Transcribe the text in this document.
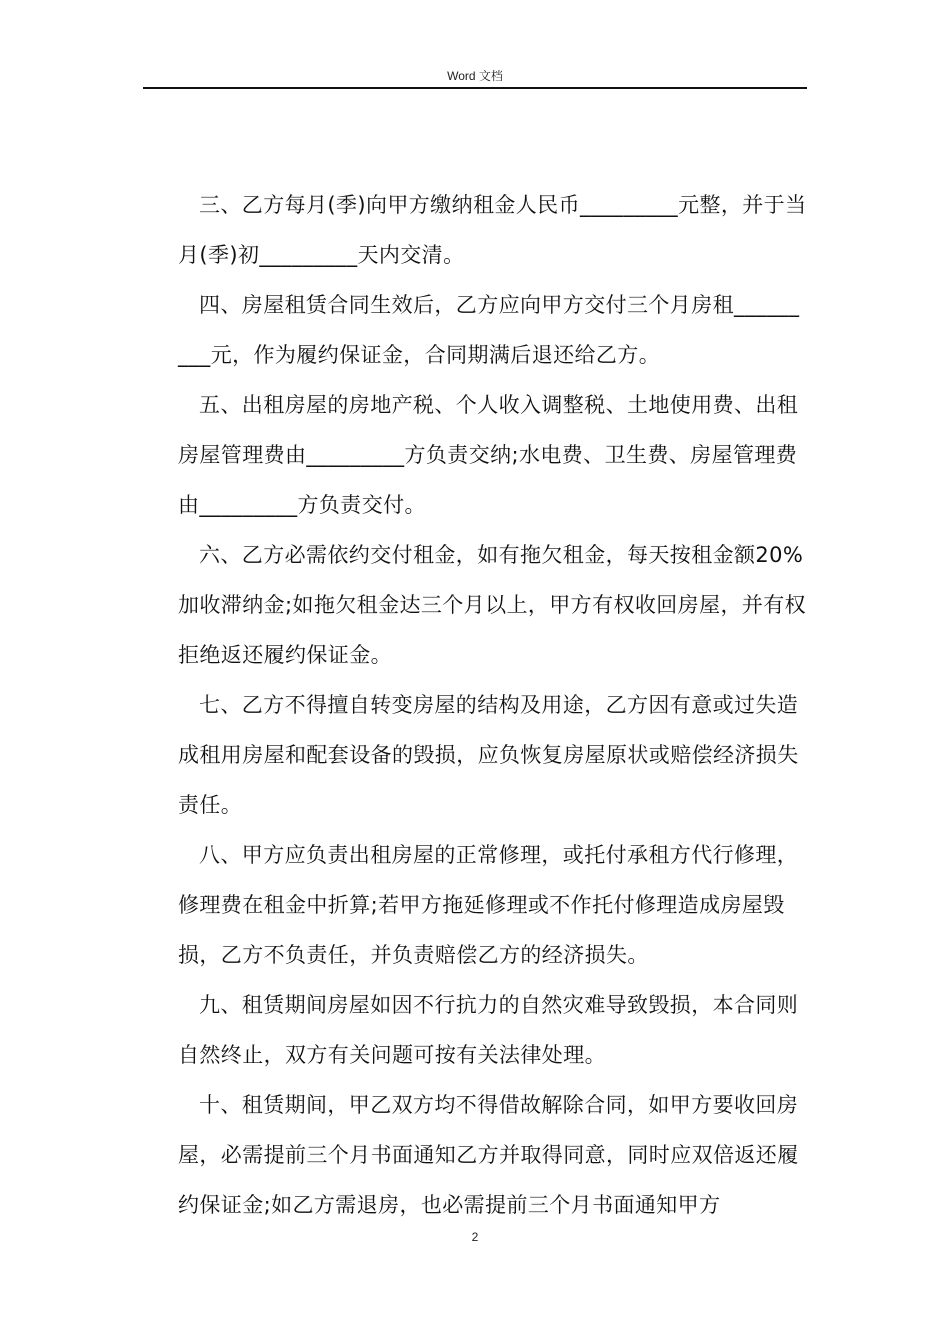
Word 文档

三、乙方每月(季)向甲方缴纳租金人民币_________元整，并于当月(季)初_________天内交清。

四、房屋租赁合同生效后，乙方应向甲方交付三个月房租_________元，作为履约保证金，合同期满后退还给乙方。

五、出租房屋的房地产税、个人收入调整税、土地使用费、出租房屋管理费由_________方负责交纳;水电费、卫生费、房屋管理费由_________方负责交付。

六、乙方必需依约交付租金，如有拖欠租金，每天按租金额20%加收滞纳金;如拖欠租金达三个月以上，甲方有权收回房屋，并有权拒绝返还履约保证金。

七、乙方不得擅自转变房屋的结构及用途，乙方因有意或过失造成租用房屋和配套设备的毁损，应负恢复房屋原状或赔偿经济损失责任。

八、甲方应负责出租房屋的正常修理，或托付承租方代行修理，修理费在租金中折算;若甲方拖延修理或不作托付修理造成房屋毁损，乙方不负责任，并负责赔偿乙方的经济损失。

九、租赁期间房屋如因不行抗力的自然灾难导致毁损，本合同则自然终止，双方有关问题可按有关法律处理。

十、租赁期间，甲乙双方均不得借故解除合同，如甲方要收回房屋，必需提前三个月书面通知乙方并取得同意，同时应双倍返还履约保证金;如乙方需退房，也必需提前三个月书面通知甲方

2
